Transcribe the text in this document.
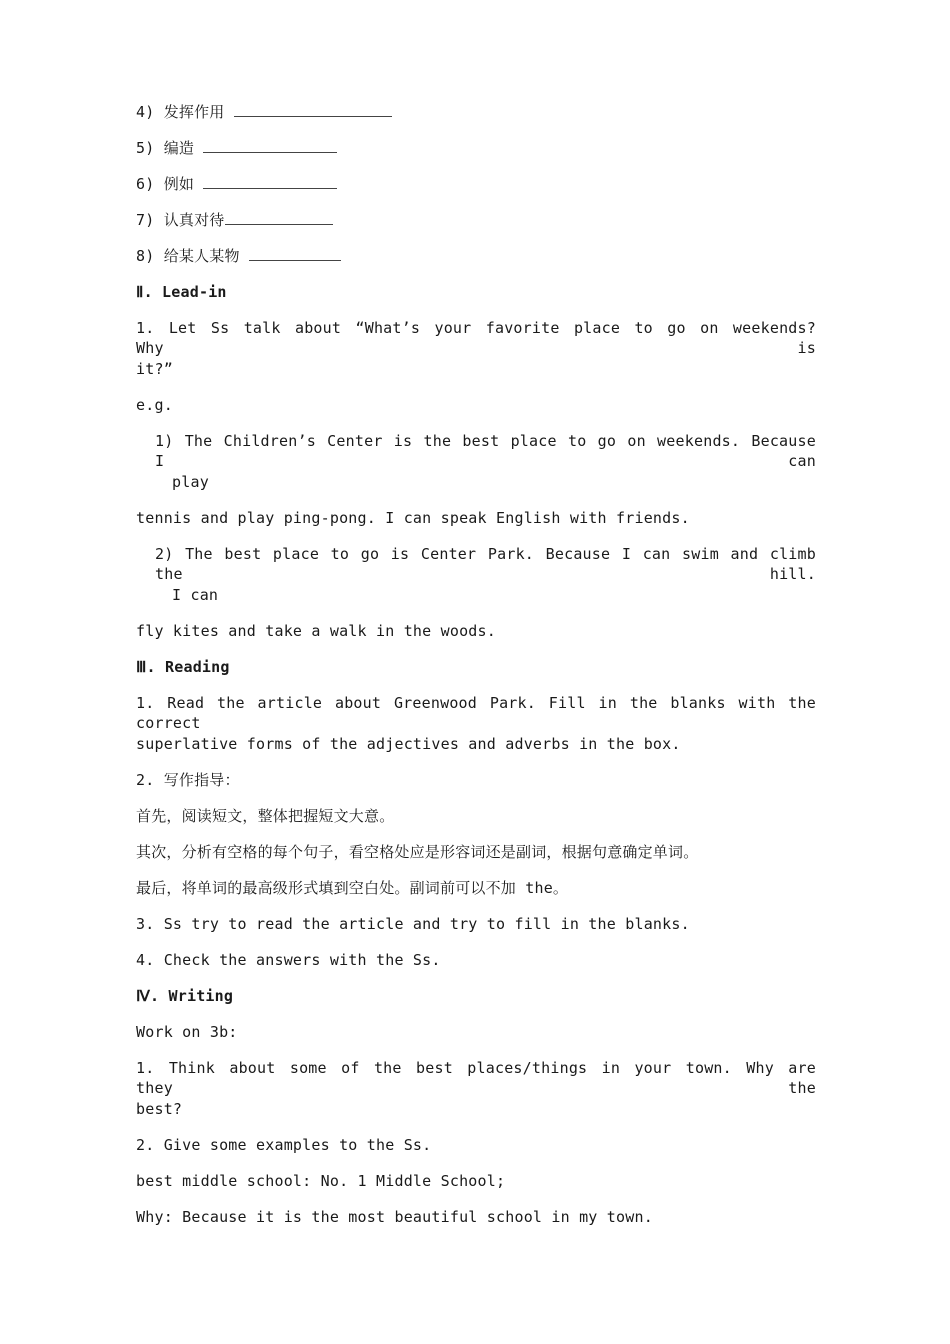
4) 发挥作用
5) 编造
6) 例如
7) 认真对待
8) 给某人某物
Ⅱ. Lead-in
1. Let Ss talk about “What’s your favorite place to go on weekends? Why is
it?”
e.g.
1) The Children’s Center is the best place to go on weekends. Because I can
play
tennis and play ping-pong. I can speak English with friends.
2) The best place to go is Center Park. Because I can swim and climb the hill.
I can
fly kites and take a walk in the woods.
Ⅲ. Reading
1. Read the article about Greenwood Park. Fill in the blanks with the correct
superlative forms of the adjectives and adverbs in the box.
2. 写作指导：
首先，阅读短文，整体把握短文大意。
其次，分析有空格的每个句子，看空格处应是形容词还是副词，根据句意确定单词。
最后，将单词的最高级形式填到空白处。副词前可以不加 the。
3. Ss try to read the article and try to fill in the blanks.
4. Check the answers with the Ss.
Ⅳ. Writing
Work on 3b:
1. Think about some of the best places/things in your town. Why are they the
best?
2. Give some examples to the Ss.
best middle school: No. 1 Middle School;
Why: Because it is the most beautiful school in my town.
